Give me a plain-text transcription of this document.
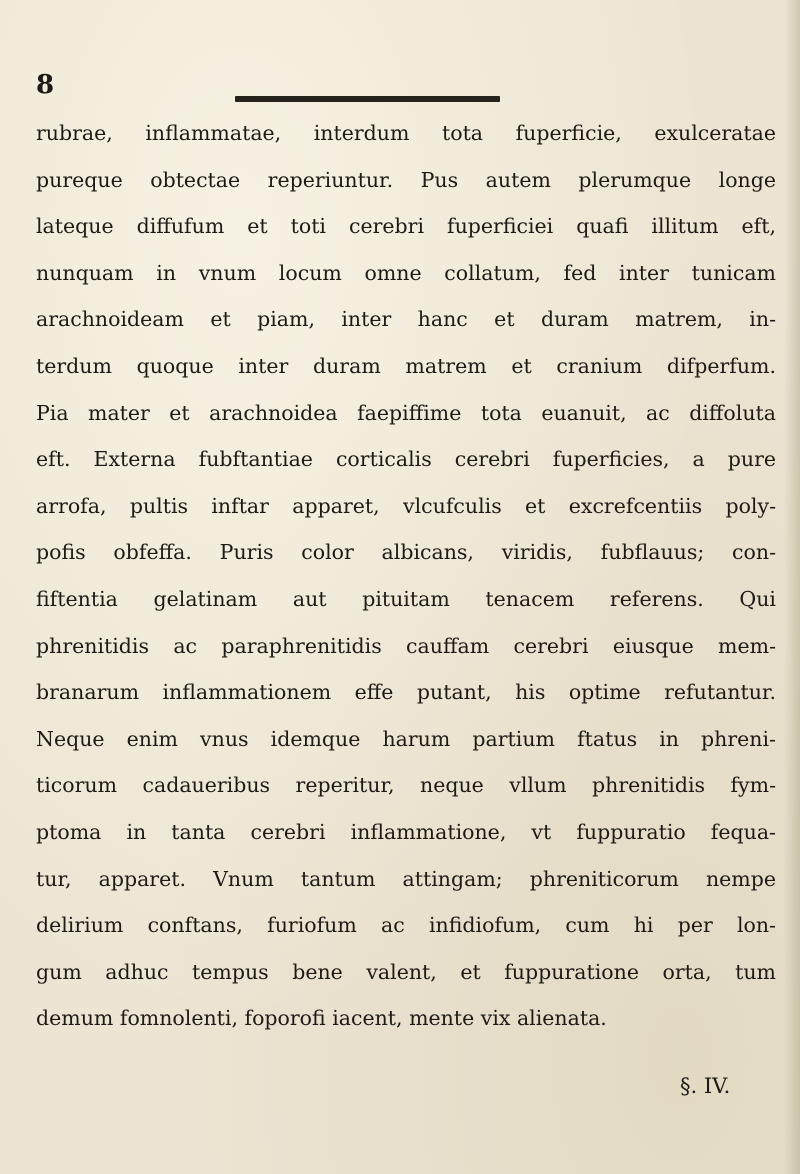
8
rubrae, inflammatae, interdum tota fuperficie, exulceratae
pureque obtectae reperiuntur. Pus autem plerumque longe
lateque diffufum et toti cerebri fuperficiei quafi illitum eft,
nunquam in vnum locum omne collatum, fed inter tunicam
arachnoideam et piam, inter hanc et duram matrem, in-
terdum quoque inter duram matrem et cranium difperfum.
Pia mater et arachnoidea faepiffime tota euanuit, ac diffoluta
eft. Externa fubftantiae corticalis cerebri fuperficies, a pure
arrofa, pultis inftar apparet, vlcufculis et excrefcentiis poly-
pofis obfeffa. Puris color albicans, viridis, fubflauus; con-
fiftentia gelatinam aut pituitam tenacem referens. Qui
phrenitidis ac paraphrenitidis cauffam cerebri eiusque mem-
branarum inflammationem effe putant, his optime refutantur.
Neque enim vnus idemque harum partium ftatus in phreni-
ticorum cadaueribus reperitur, neque vllum phrenitidis fym-
ptoma in tanta cerebri inflammatione, vt fuppuratio fequa-
tur, apparet. Vnum tantum attingam; phreniticorum nempe
delirium conftans, furiofum ac infidiofum, cum hi per lon-
gum adhuc tempus bene valent, et fuppuratione orta, tum
demum fomnolenti, foporofi iacent, mente vix alienata.
§. IV.
